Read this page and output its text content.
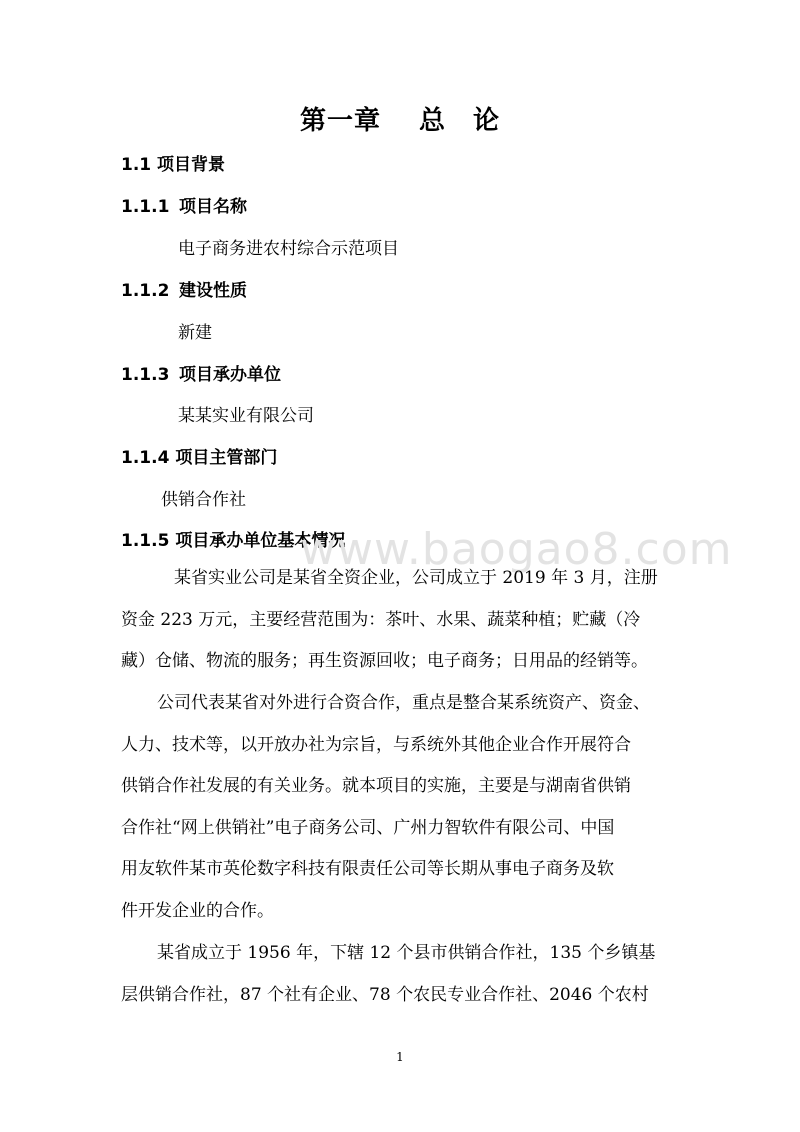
第一章 总　论
1.1 项目背景
1.1.1 项目名称
电子商务进农村综合示范项目
1.1.2 建设性质
新建
1.1.3 项目承办单位
某某实业有限公司
1.1.4 项目主管部门
供销合作社
1.1.5 项目承办单位基本情况
www.baogao8.com
　某省实业公司是某省全资企业，公司成立于 2019 年 3 月，注册
资金 223 万元，主要经营范围为：茶叶、水果、蔬菜种植；贮藏（冷
藏）仓储、物流的服务；再生资源回收；电子商务；日用品的经销等。
公司代表某省对外进行合资合作，重点是整合某系统资产、资金、
人力、技术等，以开放办社为宗旨，与系统外其他企业合作开展符合
供销合作社发展的有关业务。就本项目的实施，主要是与湖南省供销
合作社“网上供销社”电子商务公司、广州力智软件有限公司、中国
用友软件某市英伦数字科技有限责任公司等长期从事电子商务及软
件开发企业的合作。
某省成立于 1956 年，下辖 12 个县市供销合作社，135 个乡镇基
层供销合作社，87 个社有企业、78 个农民专业合作社、2046 个农村
1
